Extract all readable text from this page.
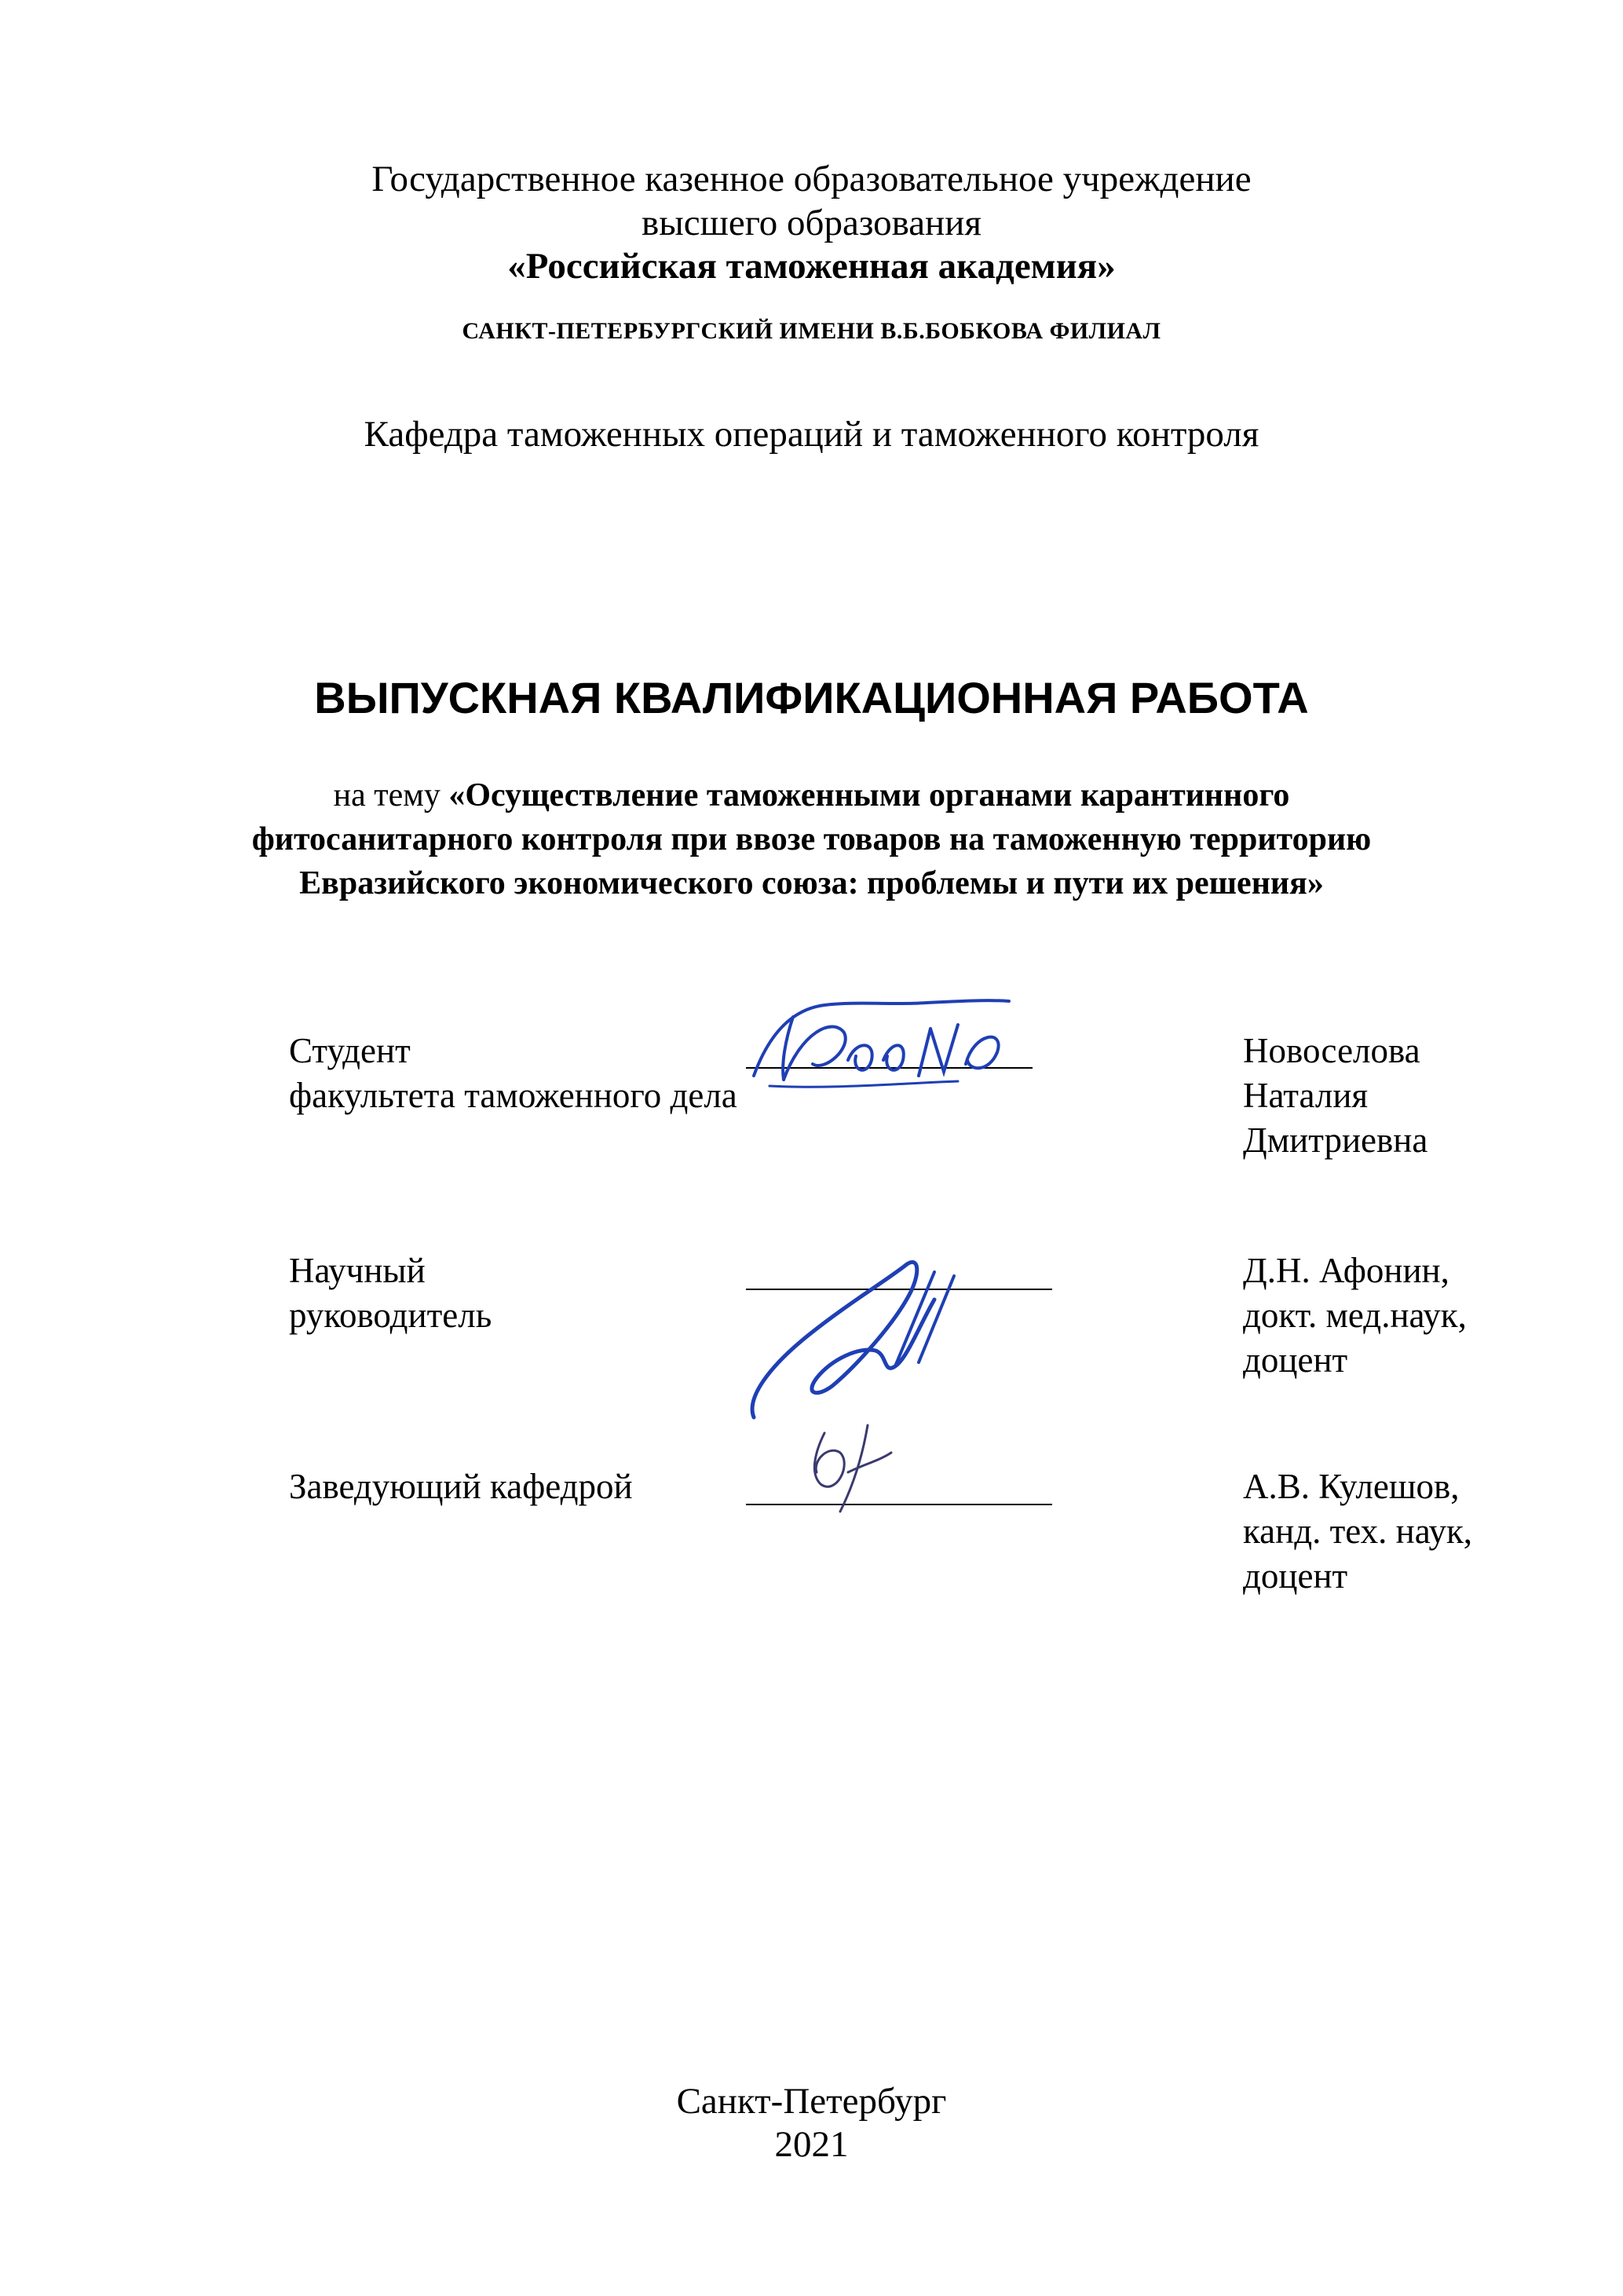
Государственное казенное образовательное учреждение
высшего образования
«Российская таможенная академия»
САНКТ-ПЕТЕРБУРГСКИЙ ИМЕНИ В.Б.БОБКОВА ФИЛИАЛ
Кафедра таможенных операций и таможенного контроля
ВЫПУСКНАЯ КВАЛИФИКАЦИОННАЯ РАБОТА
на тему «Осуществление таможенными органами карантинного
фитосанитарного контроля при ввозе товаров на таможенную территорию
Евразийского экономического союза: проблемы и пути их решения»
Студент
факультета таможенного дела
Новоселова
Наталия
Дмитриевна
Научный
руководитель
Д.Н. Афонин,
докт. мед.наук,
доцент
Заведующий кафедрой	А.В. Кулешов,
канд. тех. наук,
доцент
Санкт-Петербург
2021
